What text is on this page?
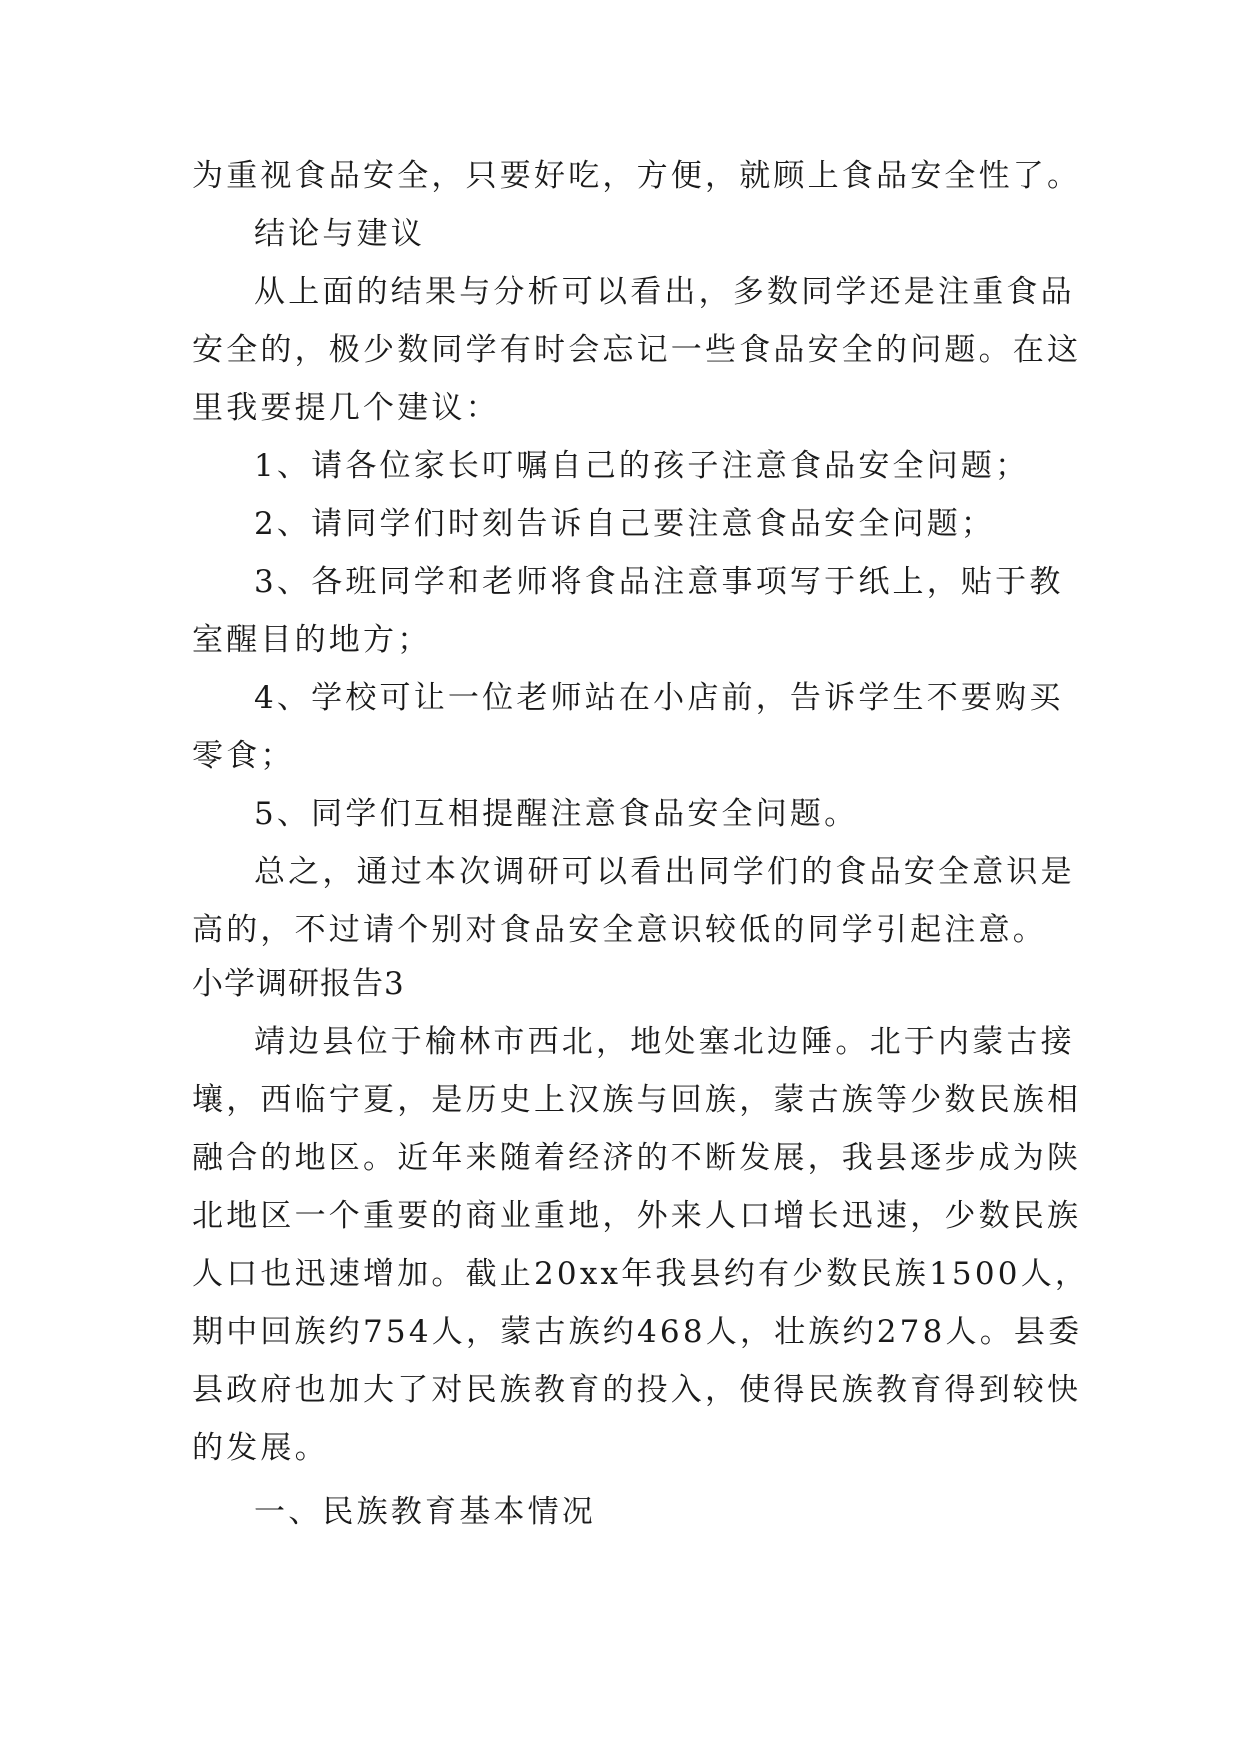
为重视食品安全，只要好吃，方便，就顾上食品安全性了。
结论与建议
从上面的结果与分析可以看出，多数同学还是注重食品
安全的，极少数同学有时会忘记一些食品安全的问题。在这
里我要提几个建议：
1、请各位家长叮嘱自己的孩子注意食品安全问题；
2、请同学们时刻告诉自己要注意食品安全问题；
3、各班同学和老师将食品注意事项写于纸上，贴于教
室醒目的地方；
4、学校可让一位老师站在小店前，告诉学生不要购买
零食；
5、同学们互相提醒注意食品安全问题。
总之，通过本次调研可以看出同学们的食品安全意识是
高的，不过请个别对食品安全意识较低的同学引起注意。
小学调研报告3
靖边县位于榆林市西北，地处塞北边陲。北于内蒙古接
壤，西临宁夏，是历史上汉族与回族，蒙古族等少数民族相
融合的地区。近年来随着经济的不断发展，我县逐步成为陕
北地区一个重要的商业重地，外来人口增长迅速，少数民族
人口也迅速增加。截止20xx年我县约有少数民族1500人，
期中回族约754人，蒙古族约468人，壮族约278人。县委
县政府也加大了对民族教育的投入，使得民族教育得到较快
的发展。
一、民族教育基本情况
